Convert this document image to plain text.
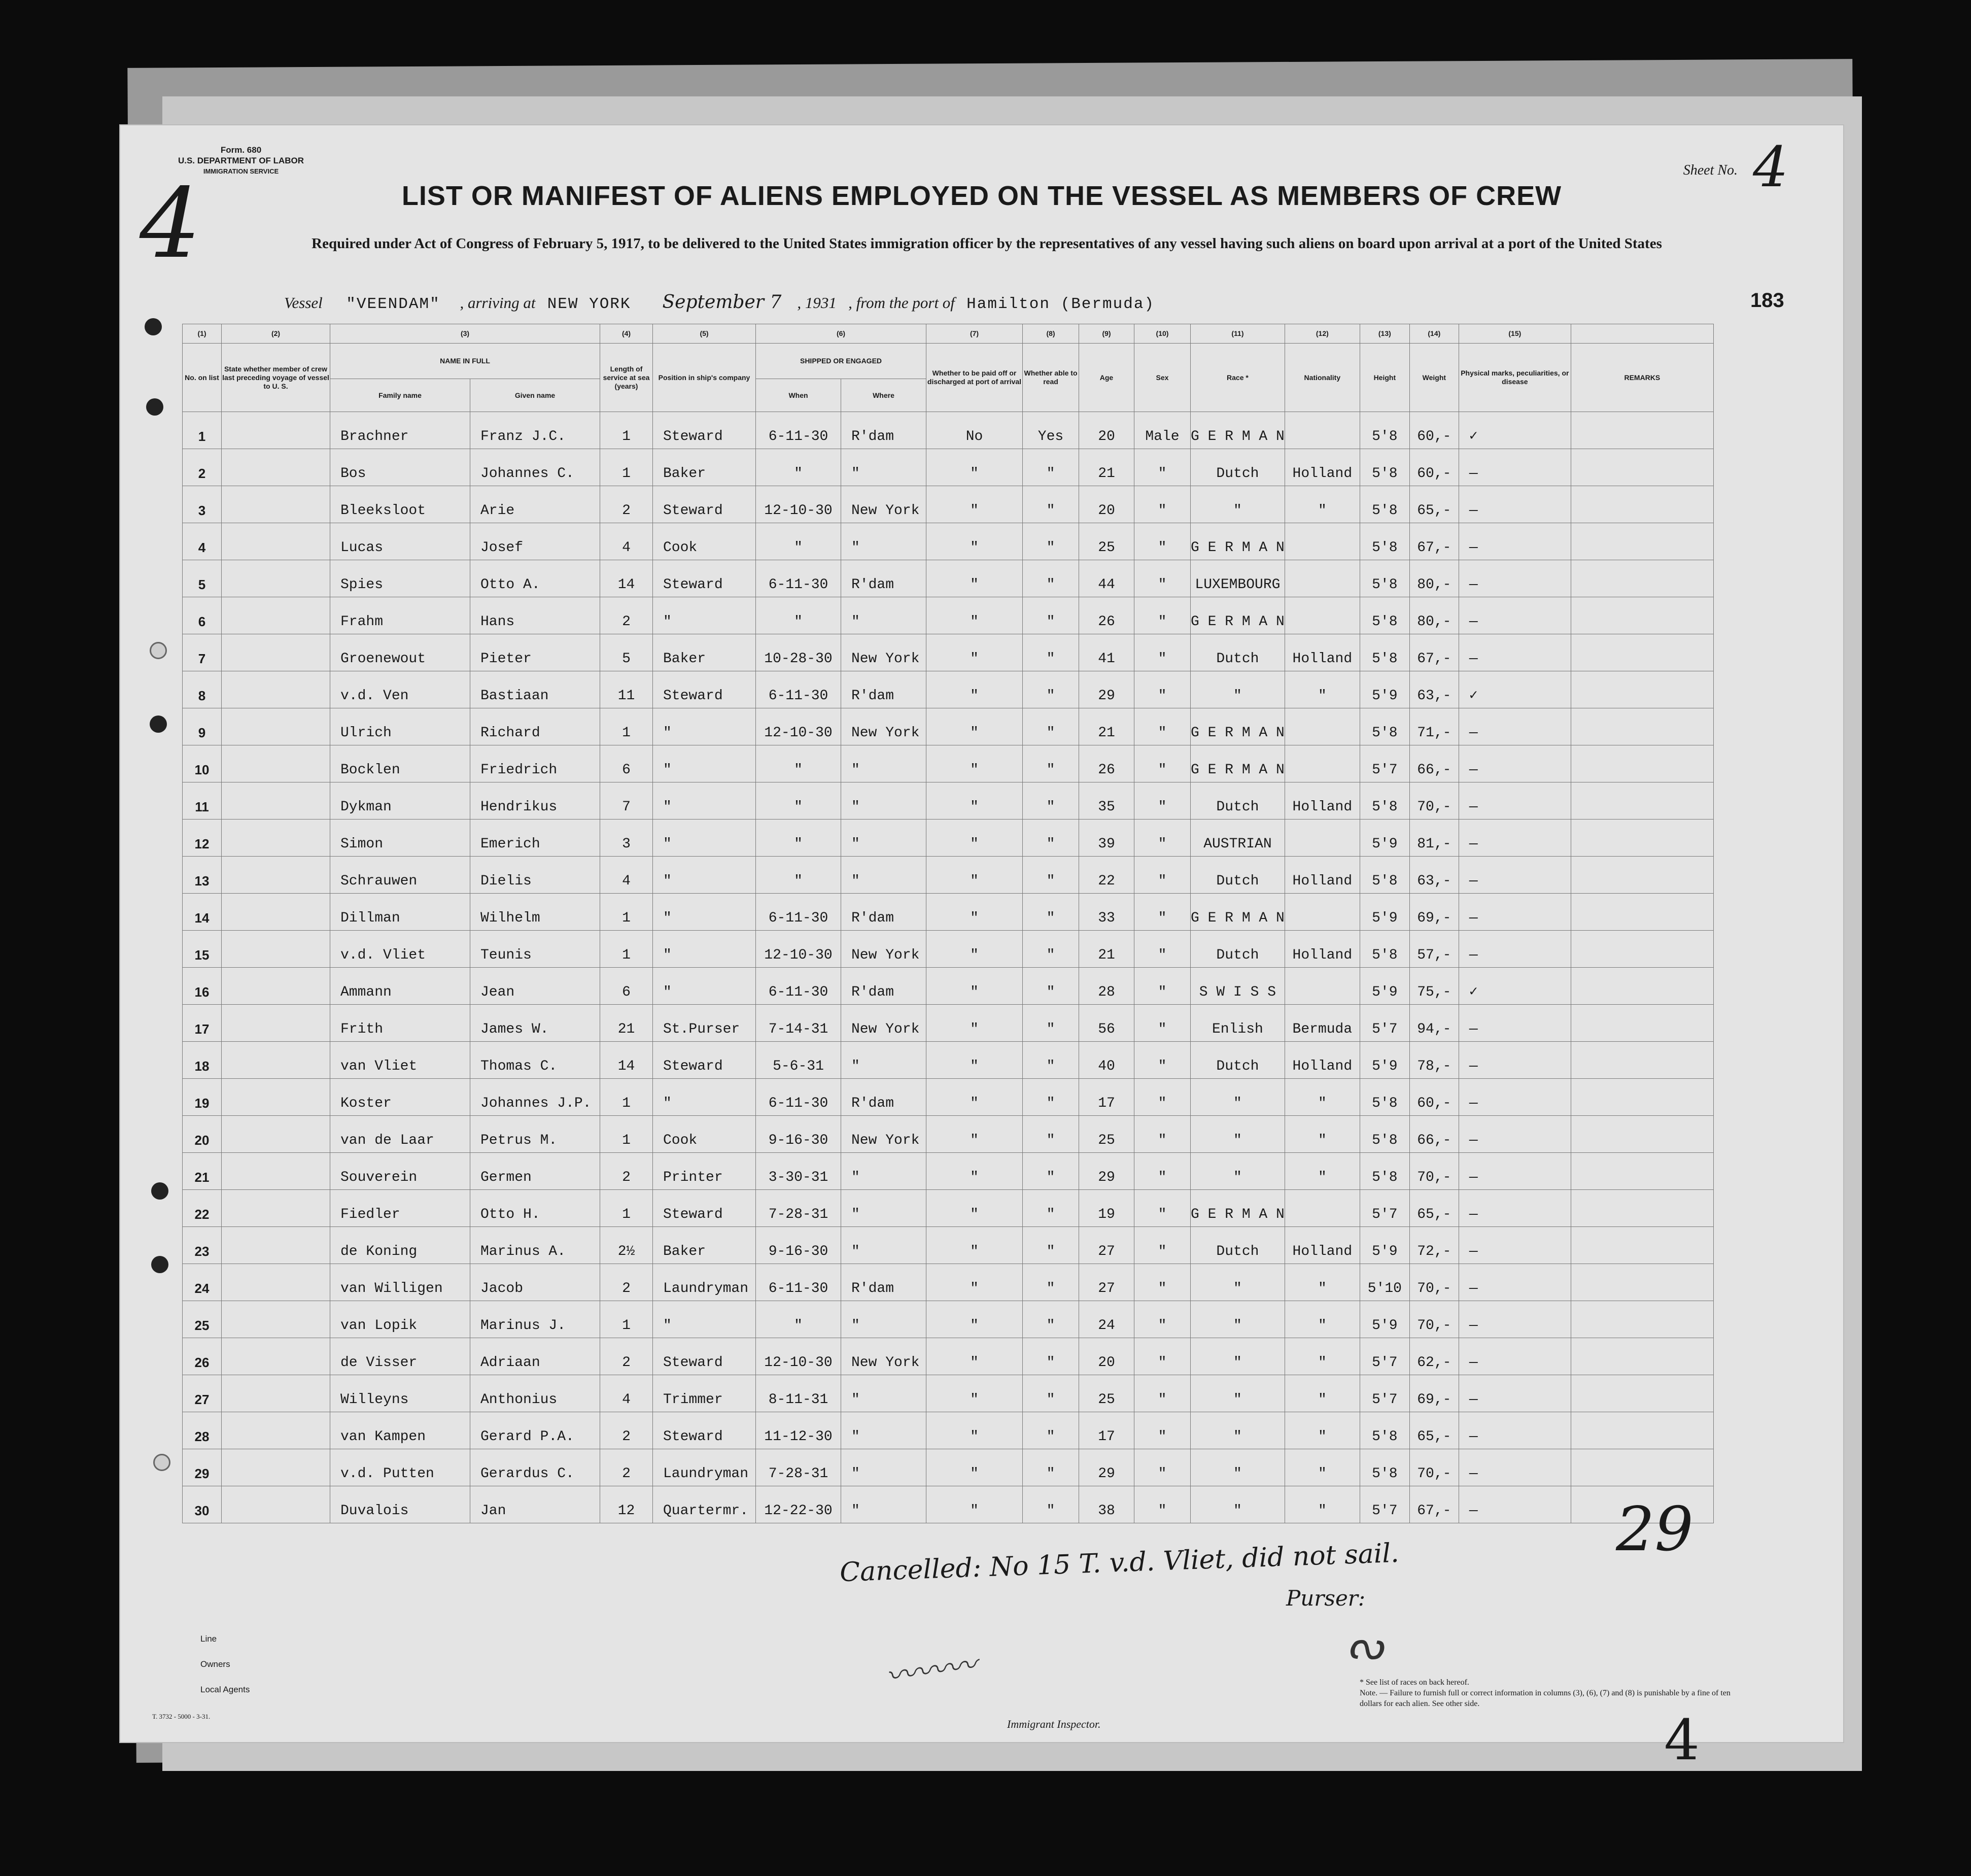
Form. 680
U.S. DEPARTMENT OF LABOR
IMMIGRATION SERVICE
4	Sheet No. 4
LIST OR MANIFEST OF ALIENS EMPLOYED ON THE VESSEL AS MEMBERS OF CREW
Required under Act of Congress of February 5, 1917, to be delivered to the United States immigration officer by the representatives of any vessel having such aliens on board upon arrival at a port of the United States
Vessel "VEENDAM" , arriving at NEW YORK September 7 , 1931 , from the port of Hamilton (Bermuda)	183
(1)	(2)	(3)		(4)	(5)	(6)		(7)	(8)	(9)	(10)	(11)	(12)	(13)	(14)	(15)	
No. on list	State whether member of crew last preceding voyage of vessel to U. S.	NAME IN FULL		Length of service at sea (years)	Position in ship's company	SHIPPED OR ENGAGED		Whether to be paid off or discharged at port of arrival	Whether able to read	Age	Sex	Race *	Nationality	Height	Weight	Physical marks, peculiarities, or disease	REMARKS
		Family name	Given name			When	Where										
1		Brachner	Franz J.C.	1	Steward	6-11-30	R'dam	No	Yes	20	Male	G E R M A N		5'8	60,-	✓	
2		Bos	Johannes C.	1	Baker	"	"	"	"	21	"	Dutch	Holland	5'8	60,-	—	
3		Bleeksloot	Arie	2	Steward	12-10-30	New York	"	"	20	"	"	"	5'8	65,-	—	
4		Lucas	Josef	4	Cook	"	"	"	"	25	"	G E R M A N		5'8	67,-	—	
5		Spies	Otto A.	14	Steward	6-11-30	R'dam	"	"	44	"	LUXEMBOURG		5'8	80,-	—	
6		Frahm	Hans	2	"	"	"	"	"	26	"	G E R M A N		5'8	80,-	—	
7		Groenewout	Pieter	5	Baker	10-28-30	New York	"	"	41	"	Dutch	Holland	5'8	67,-	—	
8		v.d. Ven	Bastiaan	11	Steward	6-11-30	R'dam	"	"	29	"	"	"	5'9	63,-	✓	
9		Ulrich	Richard	1	"	12-10-30	New York	"	"	21	"	G E R M A N		5'8	71,-	—	
10		Bocklen	Friedrich	6	"	"	"	"	"	26	"	G E R M A N		5'7	66,-	—	
11		Dykman	Hendrikus	7	"	"	"	"	"	35	"	Dutch	Holland	5'8	70,-	—	
12		Simon	Emerich	3	"	"	"	"	"	39	"	AUSTRIAN		5'9	81,-	—	
13		Schrauwen	Dielis	4	"	"	"	"	"	22	"	Dutch	Holland	5'8	63,-	—	
14		Dillman	Wilhelm	1	"	6-11-30	R'dam	"	"	33	"	G E R M A N		5'9	69,-	—	
15		v.d. Vliet	Teunis	1	"	12-10-30	New York	"	"	21	"	Dutch	Holland	5'8	57,-	—	
16		Ammann	Jean	6	"	6-11-30	R'dam	"	"	28	"	S W I S S		5'9	75,-	✓	
17		Frith	James W.	21	St.Purser	7-14-31	New York	"	"	56	"	Enlish	Bermuda	5'7	94,-	—	
18		van Vliet	Thomas C.	14	Steward	5-6-31	"	"	"	40	"	Dutch	Holland	5'9	78,-	—	
19		Koster	Johannes J.P.	1	"	6-11-30	R'dam	"	"	17	"	"	"	5'8	60,-	—	
20		van de Laar	Petrus M.	1	Cook	9-16-30	New York	"	"	25	"	"	"	5'8	66,-	—	
21		Souverein	Germen	2	Printer	3-30-31	"	"	"	29	"	"	"	5'8	70,-	—	
22		Fiedler	Otto H.	1	Steward	7-28-31	"	"	"	19	"	G E R M A N		5'7	65,-	—	
23		de Koning	Marinus A.	2½	Baker	9-16-30	"	"	"	27	"	Dutch	Holland	5'9	72,-	—	
24		van Willigen	Jacob	2	Laundryman	6-11-30	R'dam	"	"	27	"	"	"	5'10	70,-	—	
25		van Lopik	Marinus J.	1	"	"	"	"	"	24	"	"	"	5'9	70,-	—	
26		de Visser	Adriaan	2	Steward	12-10-30	New York	"	"	20	"	"	"	5'7	62,-	—	
27		Willeyns	Anthonius	4	Trimmer	8-11-31	"	"	"	25	"	"	"	5'7	69,-	—	
28		van Kampen	Gerard P.A.	2	Steward	11-12-30	"	"	"	17	"	"	"	5'8	65,-	—	
29		v.d. Putten	Gerardus C.	2	Laundryman	7-28-31	"	"	"	29	"	"	"	5'8	70,-	—	
30		Duvalois	Jan	12	Quartermr.	12-22-30	"	"	"	38	"	"	"	5'7	67,-	—	
Cancelled: No 15 T. v.d. Vliet, did not sail.
Purser:
29
〰〰〰
ᔓ
Line
Owners
Local Agents
Immigrant Inspector.
* See list of races on back hereof.
Note. — Failure to furnish full or correct information in columns (3), (6), (7) and (8) is punishable by a fine of ten dollars for each alien. See other side.
4
T. 3732 - 5000 - 3-31.
